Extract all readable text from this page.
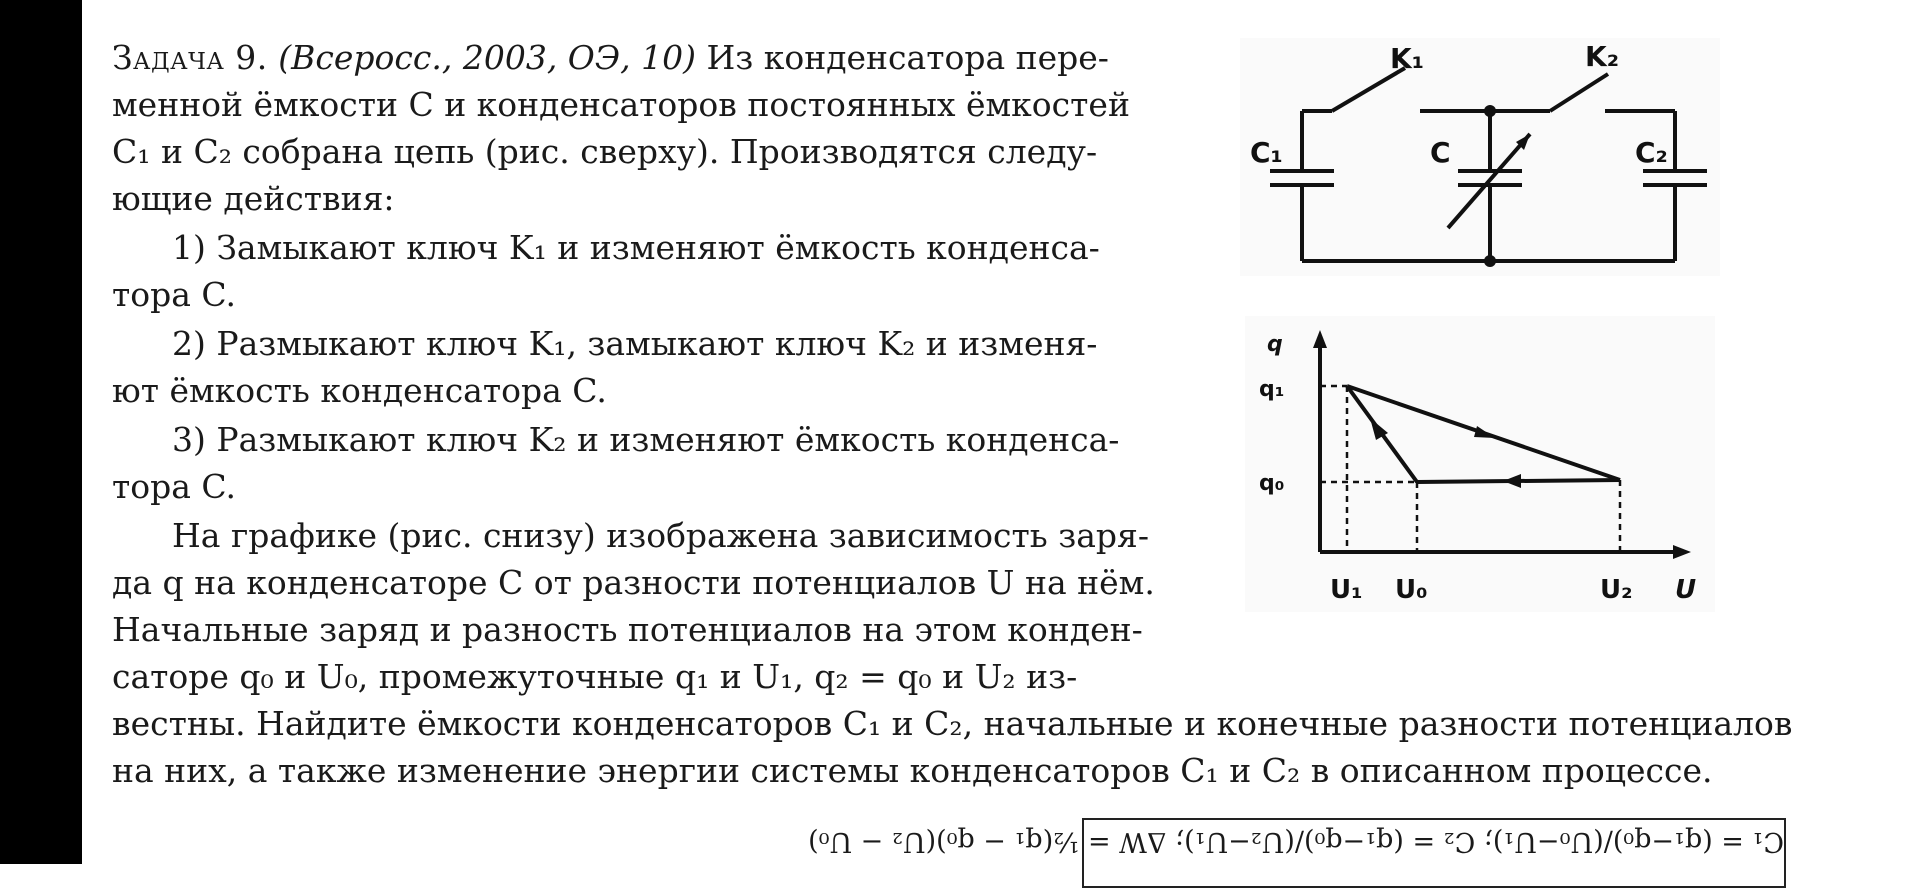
Задача 9. (Всеросс., 2003, ОЭ, 10) Из конденсатора пере-
менной ёмкости C и конденсаторов постоянных ёмкостей
C₁ и C₂ собрана цепь (рис. сверху). Производятся следу-
ющие действия:
1) Замыкают ключ K₁ и изменяют ёмкость конденса-
тора C.
2) Размыкают ключ K₁, замыкают ключ K₂ и изменя-
ют ёмкость конденсатора C.
3) Размыкают ключ K₂ и изменяют ёмкость конденса-
тора C.
На графике (рис. снизу) изображена зависимость заря-
да q на конденсаторе C от разности потенциалов U на нём.
Начальные заряд и разность потенциалов на этом конден-
саторе q₀ и U₀, промежуточные q₁ и U₁, q₂ = q₀ и U₂ из-
вестны. Найдите ёмкости конденсаторов C₁ и C₂, начальные и конечные разности потенциалов
на них, а также изменение энергии системы конденсаторов C₁ и C₂ в описанном процессе.
K₁	K₂
C₁	C	C₂
q
q₁
q₀
U₁ U₀	U₂ U
C₁ = (q₁−q₀)/(U₀−U₁); C₂ = (q₁−q₀)/(U₂−U₁); ΔW = ½(q₁ − q₀)(U₂ − U₀)
